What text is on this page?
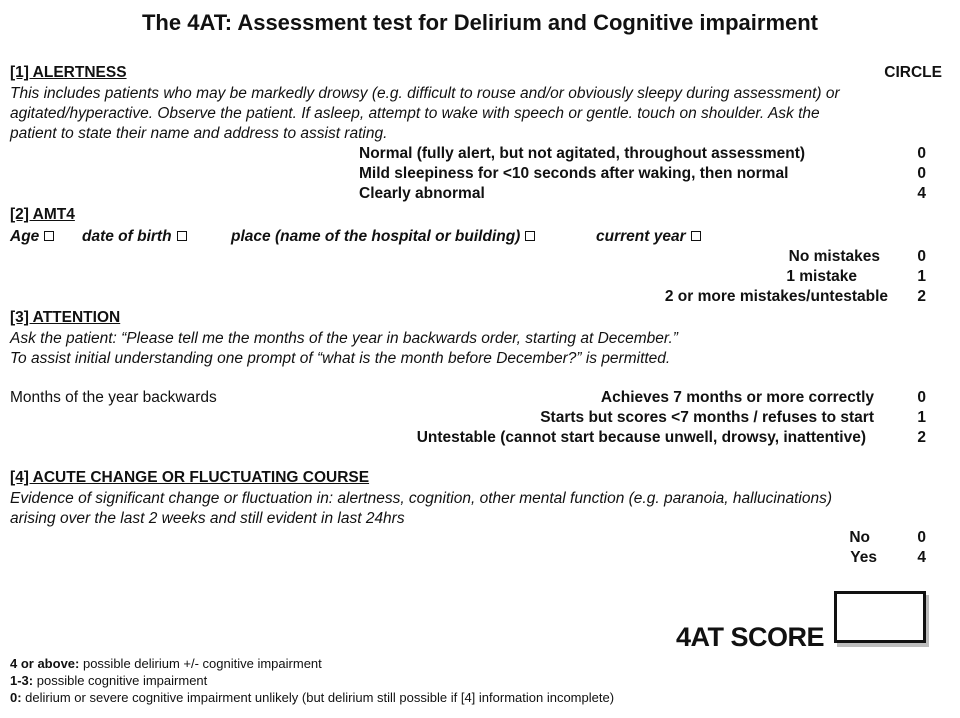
The 4AT: Assessment test for Delirium and Cognitive impairment
CIRCLE
[1] ALERTNESS
This includes patients who may be markedly drowsy (e.g. difficult to rouse and/or obviously sleepy during assessment) or agitated/hyperactive. Observe the patient. If asleep, attempt to wake with speech or gentle. touch on shoulder. Ask the patient to state their name and address to assist rating.
Normal (fully alert, but not agitated, throughout assessment)	0
Mild sleepiness for <10 seconds after waking, then normal	0
Clearly abnormal	4
[2] AMT4
Age	date of birth	place (name of the hospital or building)	current year
No mistakes	0
1 mistake	1
2 or more mistakes/untestable	2
[3] ATTENTION
Ask the patient: “Please tell me the months of the year in backwards order, starting at December.”
To assist initial understanding one prompt of “what is the month before December?” is permitted.
Months of the year backwards	Achieves 7 months or more correctly	0
Starts but scores <7 months / refuses to start	1
Untestable (cannot start because unwell, drowsy, inattentive)	2
[4] ACUTE CHANGE OR FLUCTUATING COURSE
Evidence of significant change or fluctuation in: alertness, cognition, other mental function (e.g. paranoia, hallucinations)
arising over the last 2 weeks and still evident in last 24hrs
No	0
Yes	4
4AT SCORE
4 or above: possible delirium +/- cognitive impairment
1-3: possible cognitive impairment
0: delirium or severe cognitive impairment unlikely (but delirium still possible if [4] information incomplete)
